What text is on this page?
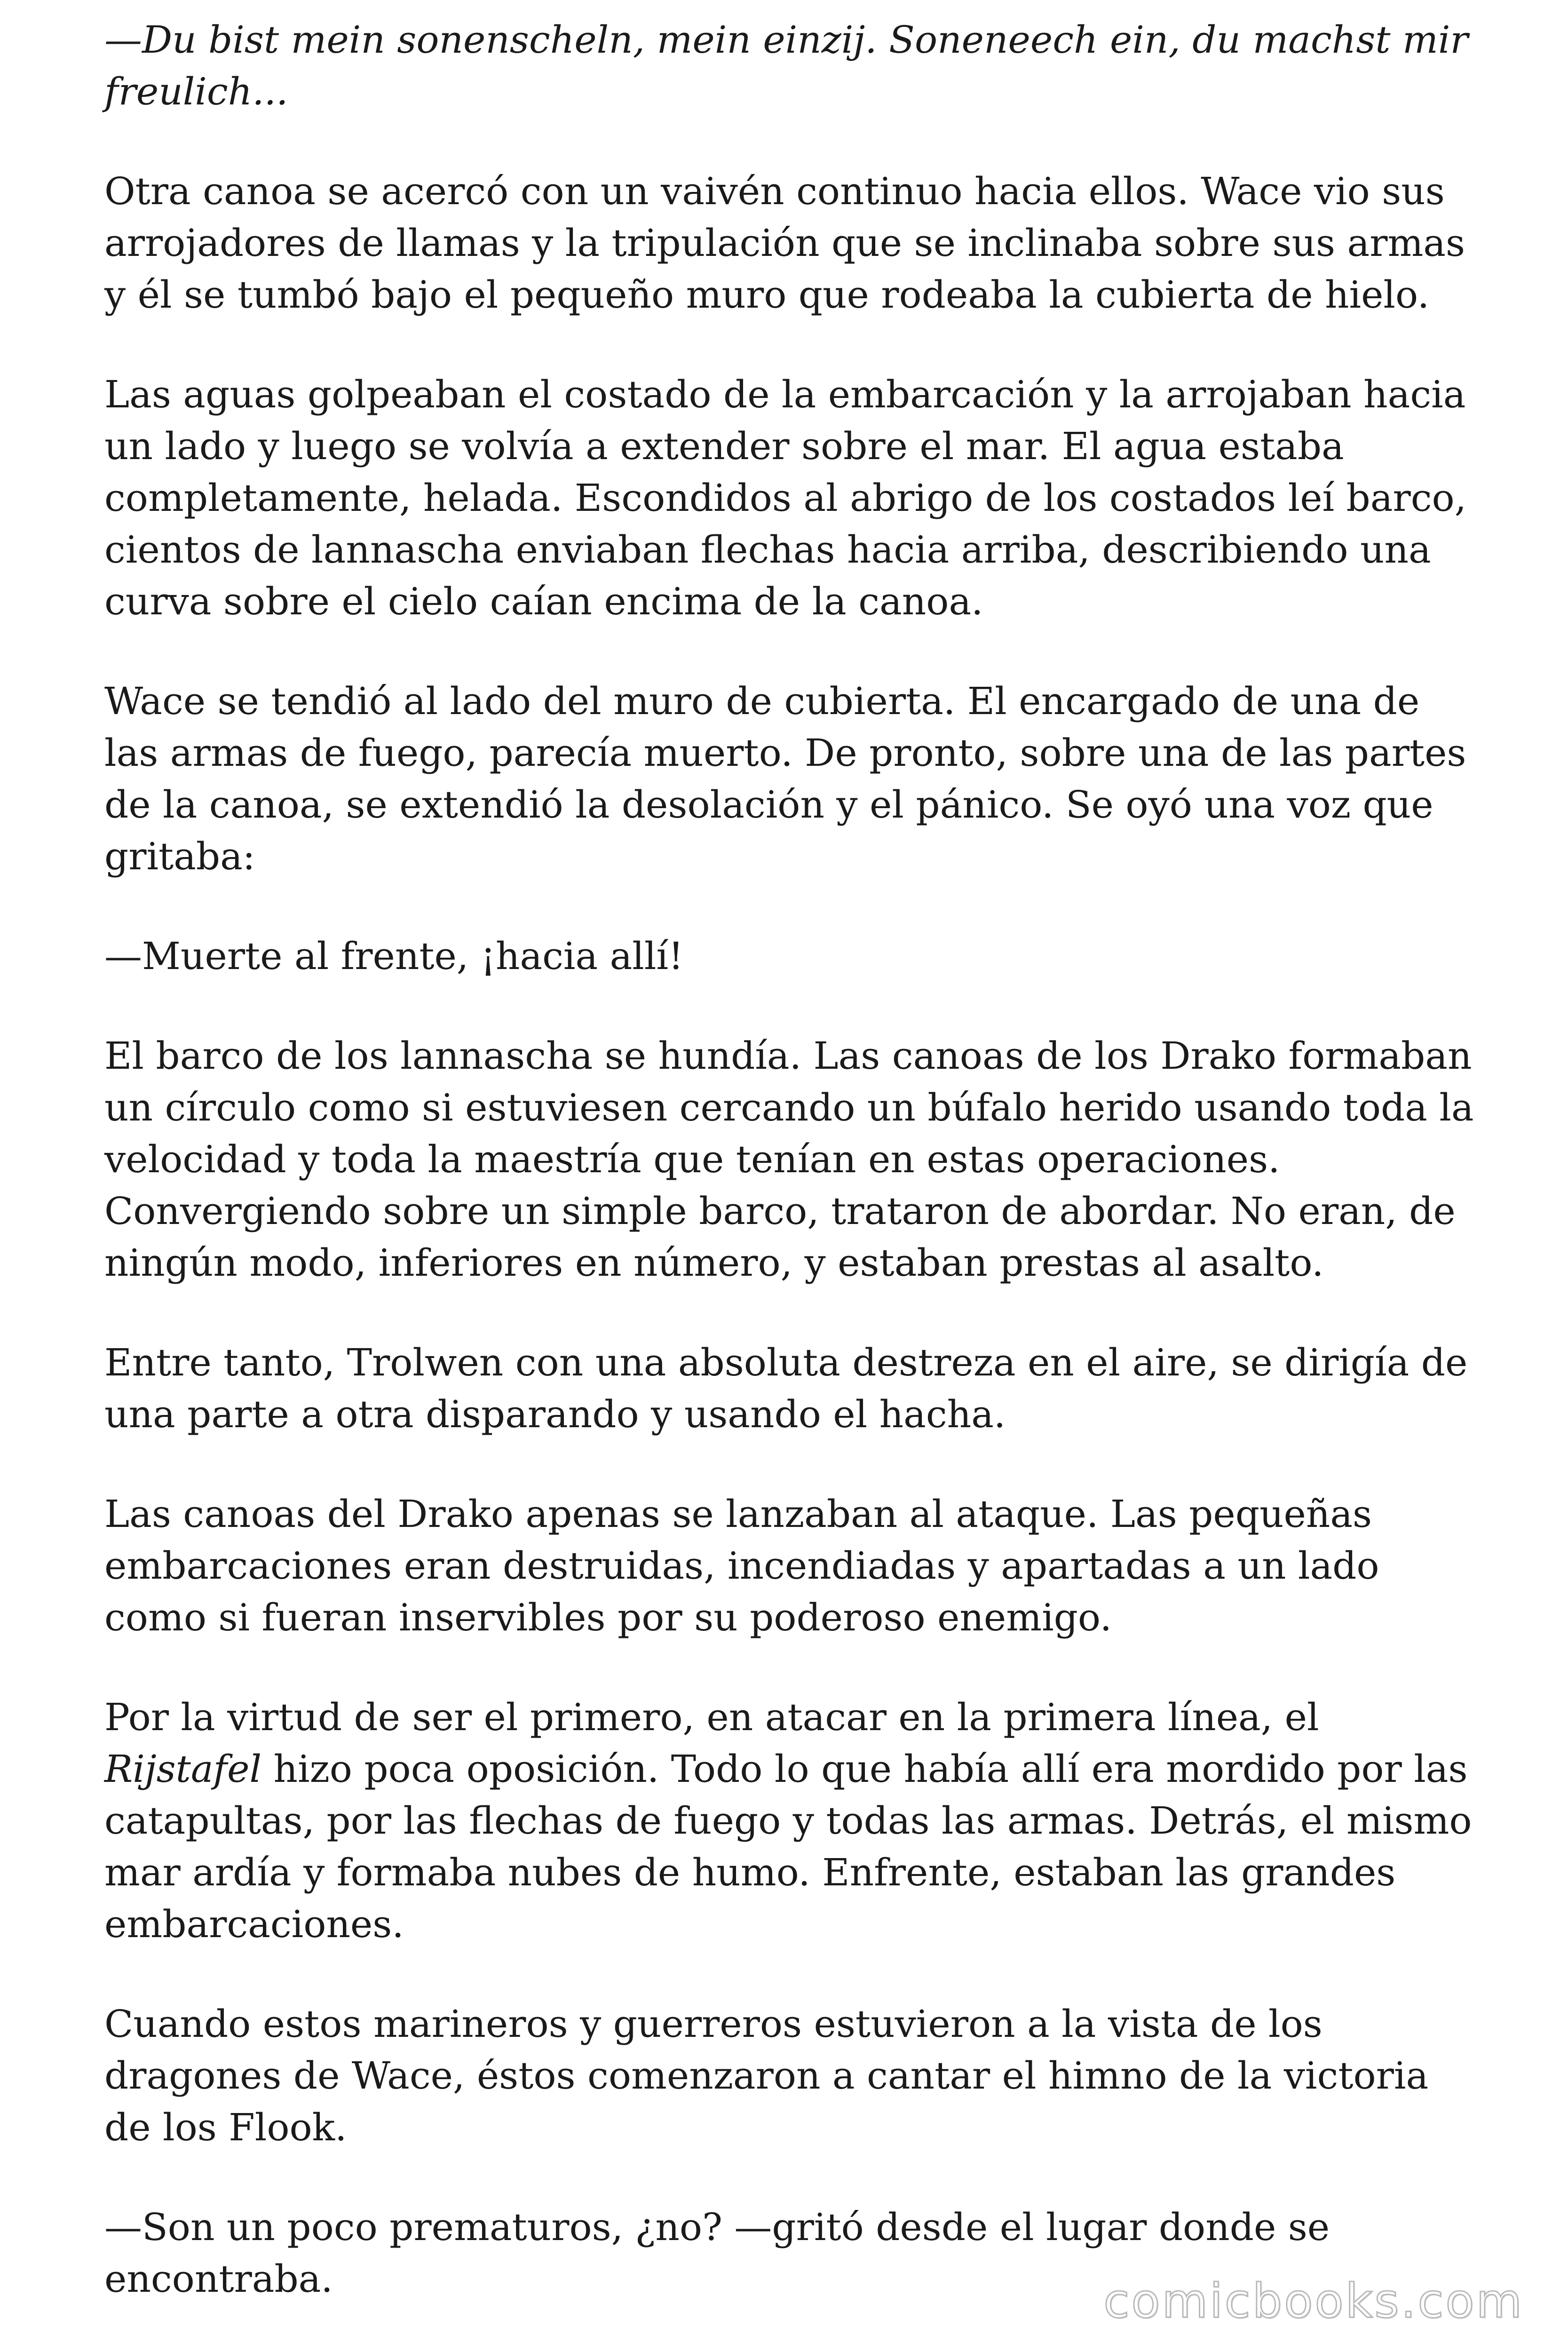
—Du bist mein sonenscheln, mein einzij. Soneneech ein, du machst mir freulich...

Otra canoa se acercó con un vaivén continuo hacia ellos. Wace vio sus arrojadores de llamas y la tripulación que se inclinaba sobre sus armas y él se tumbó bajo el pequeño muro que rodeaba la cubierta de hielo.

Las aguas golpeaban el costado de la embarcación y la arrojaban hacia un lado y luego se volvía a extender sobre el mar. El agua estaba completamente, helada. Escondidos al abrigo de los costados leí barco, cientos de lannascha enviaban flechas hacia arriba, describiendo una curva sobre el cielo caían encima de la canoa.

Wace se tendió al lado del muro de cubierta. El encargado de una de las armas de fuego, parecía muerto. De pronto, sobre una de las partes de la canoa, se extendió la desolación y el pánico. Se oyó una voz que gritaba:

—Muerte al frente, ¡hacia allí!

El barco de los lannascha se hundía. Las canoas de los Drako formaban un círculo como si estuviesen cercando un búfalo herido usando toda la velocidad y toda la maestría que tenían en estas operaciones. Convergiendo sobre un simple barco, trataron de abordar. No eran, de ningún modo, inferiores en número, y estaban prestas al asalto.

Entre tanto, Trolwen con una absoluta destreza en el aire, se dirigía de una parte a otra disparando y usando el hacha.

Las canoas del Drako apenas se lanzaban al ataque. Las pequeñas embarcaciones eran destruidas, incendiadas y apartadas a un lado como si fueran inservibles por su poderoso enemigo.

Por la virtud de ser el primero, en atacar en la primera línea, el Rijstafel hizo poca oposición. Todo lo que había allí era mordido por las catapultas, por las flechas de fuego y todas las armas. Detrás, el mismo mar ardía y formaba nubes de humo. Enfrente, estaban las grandes embarcaciones.

Cuando estos marineros y guerreros estuvieron a la vista de los dragones de Wace, éstos comenzaron a cantar el himno de la victoria de los Flook.

—Son un poco prematuros, ¿no? —gritó desde el lugar donde se encontraba.	comicbooks.com
